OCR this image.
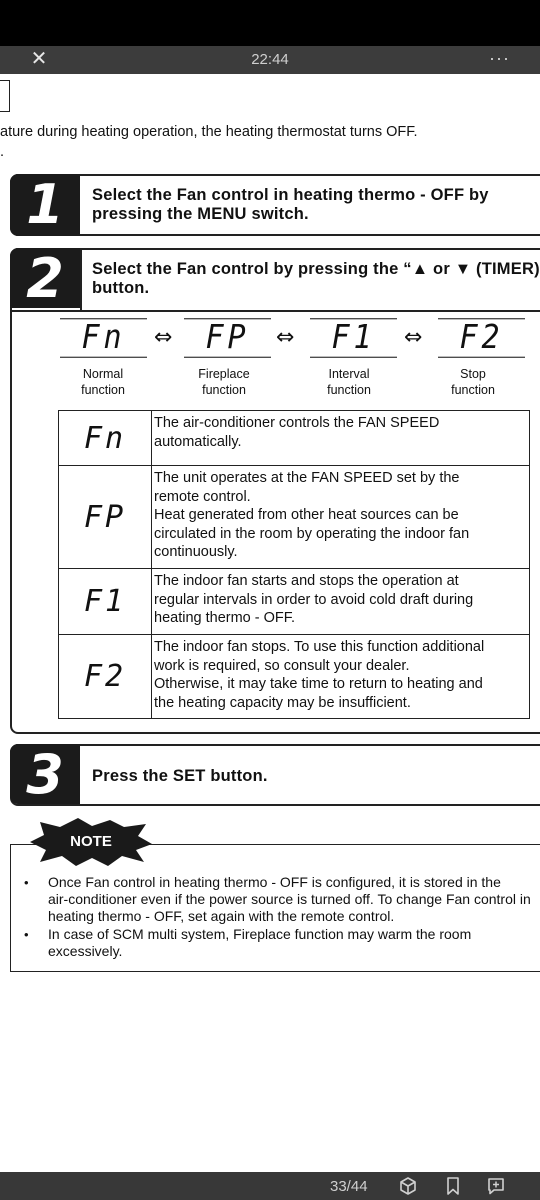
✕	22:44	···
ature during heating operation, the heating thermostat turns OFF.
.
1	Select the Fan control in heating thermo - OFF by
pressing the MENU switch.
2	Select the Fan control by pressing the “▲ or ▼ (TIMER)
button.
Fn	⇔	FP	⇔	F1	⇔	F2
Normal
function
Fireplace
function
Interval
function
Stop
function
Fn	The air-conditioner controls the FAN SPEED
automatically.

FP	The unit operates at the FAN SPEED set by the
remote control.
Heat generated from other heat sources can be
circulated in the room by operating the indoor fan
continuously.

F1	The indoor fan starts and stops the operation at
regular intervals in order to avoid cold draft during
heating thermo - OFF.

F2	The indoor fan stops. To use this function additional
work is required, so consult your dealer.
Otherwise, it may take time to return to heating and
the heating capacity may be insufficient.
3	Press the SET button.
NOTE
• Once Fan control in heating thermo - OFF is configured, it is stored in the
air-conditioner even if the power source is turned off. To change Fan control in
heating thermo - OFF, set again with the remote control.
• In case of SCM multi system, Fireplace function may warm the room
excessively.
33/44
